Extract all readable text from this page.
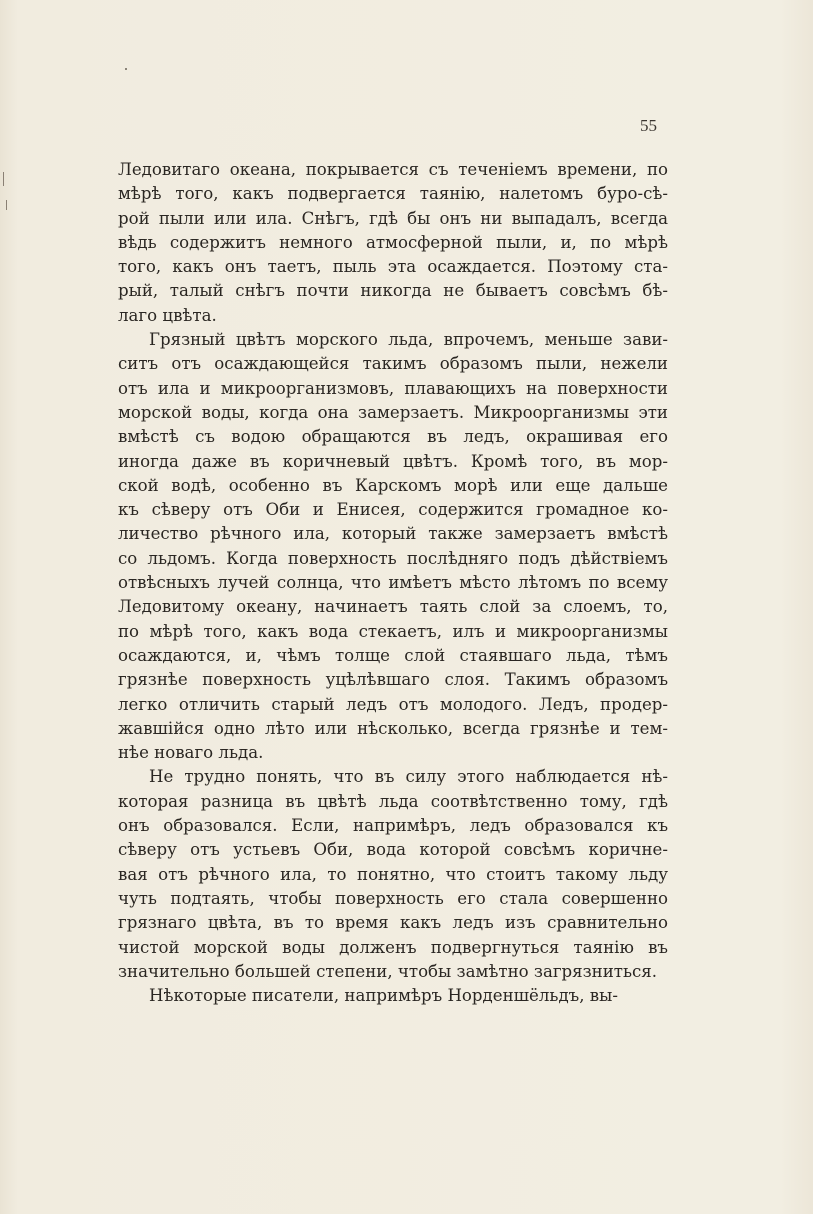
55
Ледовитаго океана, покрывается съ теченіемъ времени, по
мѣрѣ того, какъ подвергается таянію, налетомъ буро-сѣ-
рой пыли или ила. Снѣгъ, гдѣ бы онъ ни выпадалъ, всегда
вѣдь содержитъ немного атмосферной пыли, и, по мѣрѣ
того, какъ онъ таетъ, пыль эта осаждается. Поэтому ста-
рый, талый снѣгъ почти никогда не бываетъ совсѣмъ бѣ-
лаго цвѣта.
Грязный цвѣтъ морского льда, впрочемъ, меньше зави-
ситъ отъ осаждающейся такимъ образомъ пыли, нежели
отъ ила и микроорганизмовъ, плавающихъ на поверхности
морской воды, когда она замерзаетъ. Микроорганизмы эти
вмѣстѣ съ водою обращаются въ ледъ, окрашивая его
иногда даже въ коричневый цвѣтъ. Кромѣ того, въ мор-
ской водѣ, особенно въ Карскомъ морѣ или еще дальше
къ сѣверу отъ Оби и Енисея, содержится громадное ко-
личество рѣчного ила, который также замерзаетъ вмѣстѣ
со льдомъ. Когда поверхность послѣдняго подъ дѣйствіемъ
отвѣсныхъ лучей солнца, что имѣетъ мѣсто лѣтомъ по всему
Ледовитому океану, начинаетъ таять слой за слоемъ, то,
по мѣрѣ того, какъ вода стекаетъ, илъ и микроорганизмы
осаждаются, и, чѣмъ толще слой стаявшаго льда, тѣмъ
грязнѣе поверхность уцѣлѣвшаго слоя. Такимъ образомъ
легко отличить старый ледъ отъ молодого. Ледъ, продер-
жавшійся одно лѣто или нѣсколько, всегда грязнѣе и тем-
нѣе новаго льда.
Не трудно понять, что въ силу этого наблюдается нѣ-
которая разница въ цвѣтѣ льда соотвѣтственно тому, гдѣ
онъ образовался. Если, напримѣръ, ледъ образовался къ
сѣверу отъ устьевъ Оби, вода которой совсѣмъ коричне-
вая отъ рѣчного ила, то понятно, что стоитъ такому льду
чуть подтаять, чтобы поверхность его стала совершенно
грязнаго цвѣта, въ то время какъ ледъ изъ сравнительно
чистой морской воды долженъ подвергнуться таянію въ
значительно большей степени, чтобы замѣтно загрязниться.
Нѣкоторые писатели, напримѣръ Норденшёльдъ, вы-
